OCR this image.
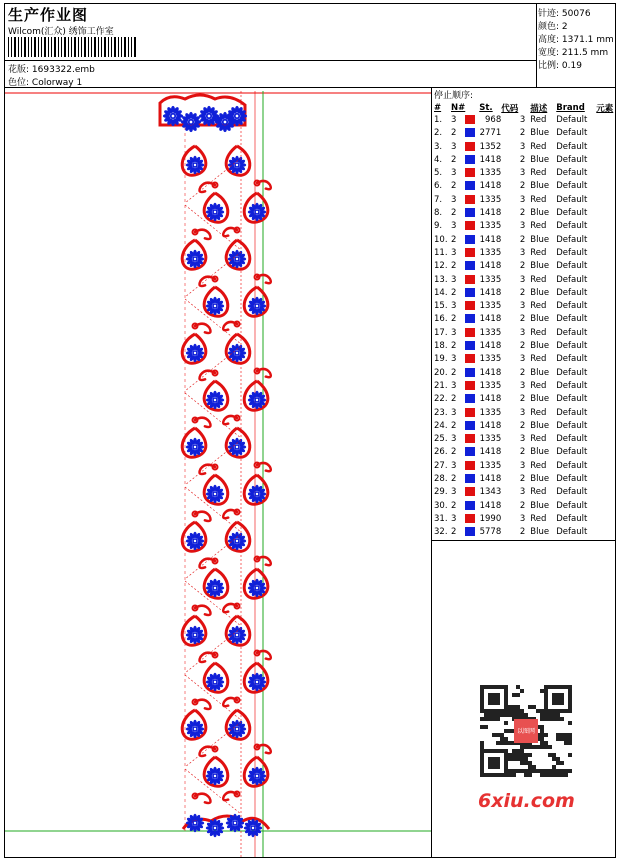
生产作业图
Wilcom(汇众) 绣饰工作室
花版: 1693322.emb
色位: Colorway 1
针迹: 50076
颜色: 2
高度: 1371.1 mm
宽度: 211.5 mm
比例: 0.19
停止顺序:
#	N#		St.	代码	描述	Brand	元素
1.	3		968	3	Red	Default	
2.	2		2771	2	Blue	Default	
3.	3		1352	3	Red	Default	
4.	2		1418	2	Blue	Default	
5.	3		1335	3	Red	Default	
6.	2		1418	2	Blue	Default	
7.	3		1335	3	Red	Default	
8.	2		1418	2	Blue	Default	
9.	3		1335	3	Red	Default	
10.	2		1418	2	Blue	Default	
11.	3		1335	3	Red	Default	
12.	2		1418	2	Blue	Default	
13.	3		1335	3	Red	Default	
14.	2		1418	2	Blue	Default	
15.	3		1335	3	Red	Default	
16.	2		1418	2	Blue	Default	
17.	3		1335	3	Red	Default	
18.	2		1418	2	Blue	Default	
19.	3		1335	3	Red	Default	
20.	2		1418	2	Blue	Default	
21.	3		1335	3	Red	Default	
22.	2		1418	2	Blue	Default	
23.	3		1335	3	Red	Default	
24.	2		1418	2	Blue	Default	
25.	3		1335	3	Red	Default	
26.	2		1418	2	Blue	Default	
27.	3		1335	3	Red	Default	
28.	2		1418	2	Blue	Default	
29.	3		1343	3	Red	Default	
30.	2		1418	2	Blue	Default	
31.	3		1990	3	Red	Default	
32.	2		5778	2	Blue	Default	
以图网
6xiu.com
